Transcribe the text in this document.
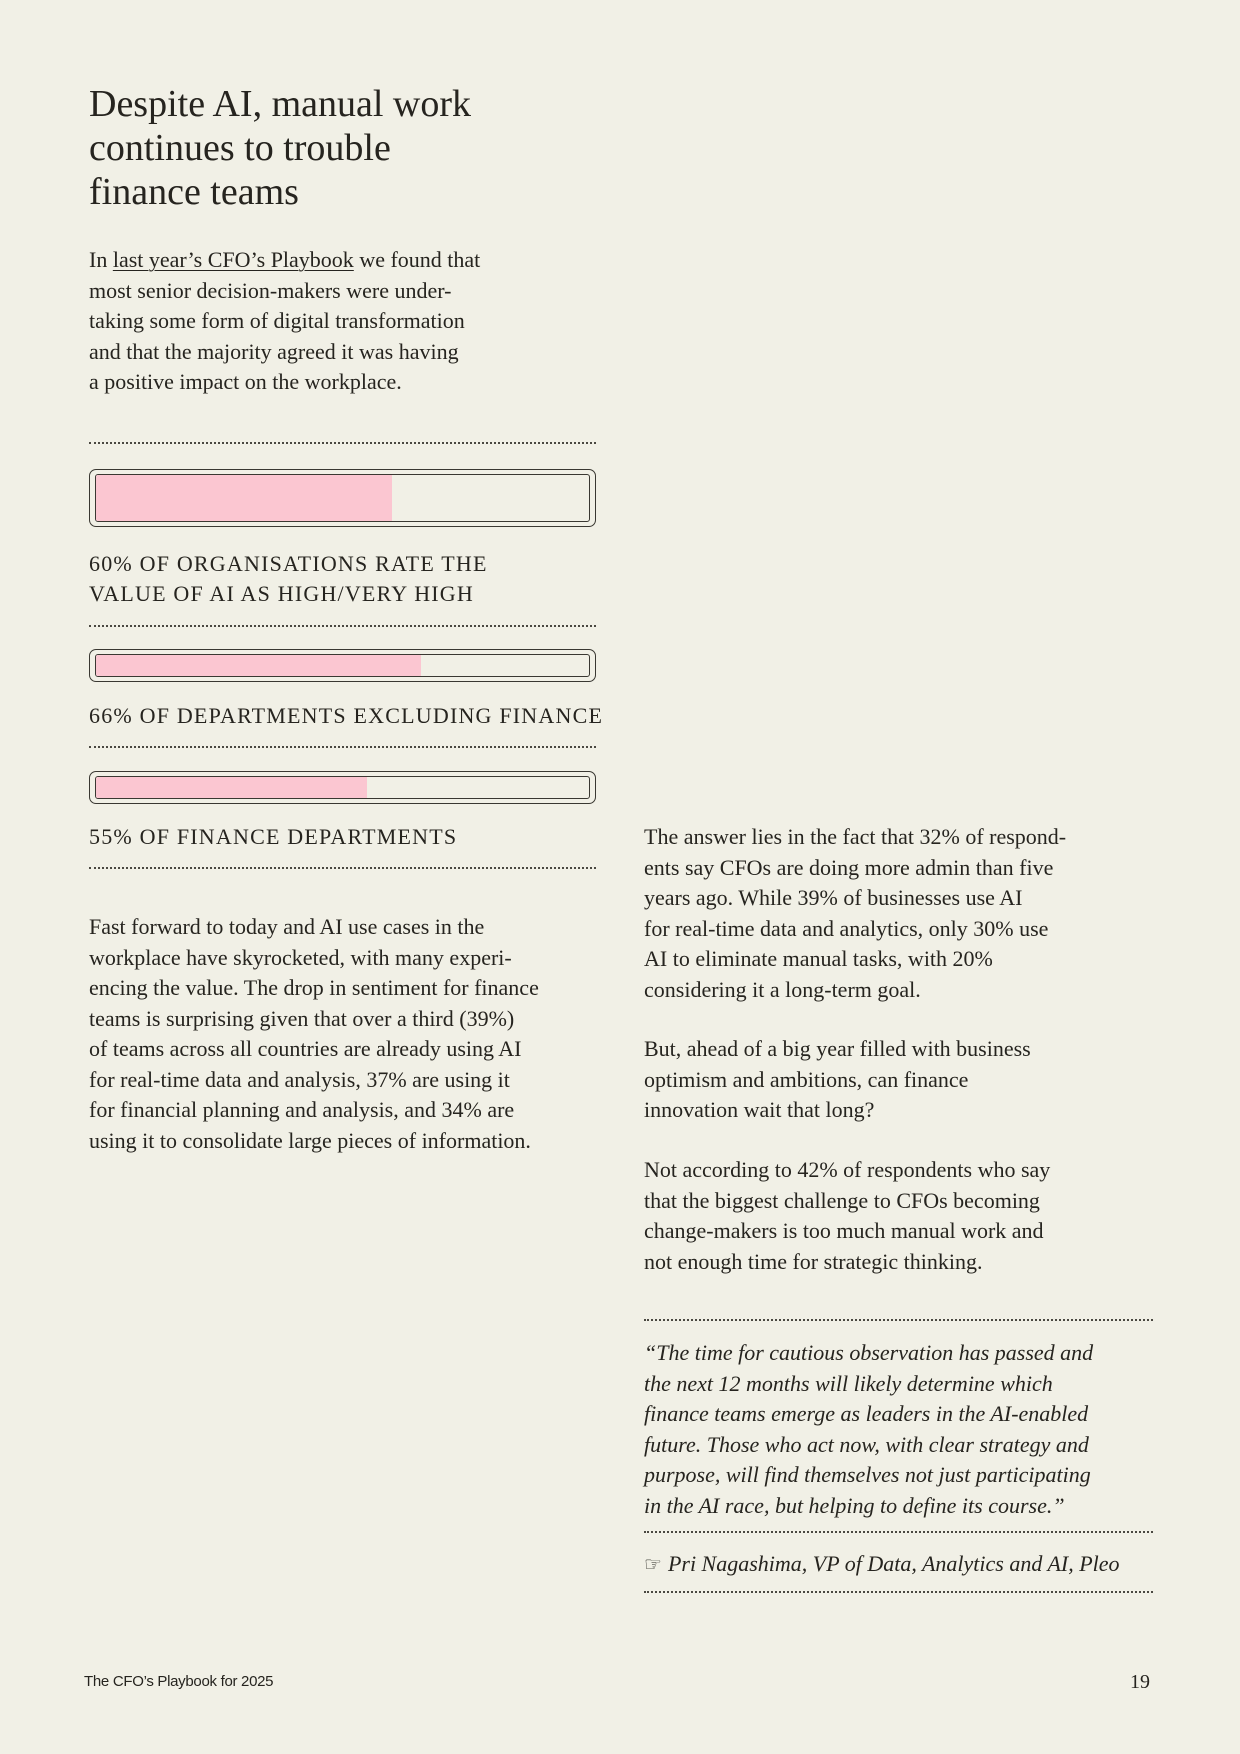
Despite AI, manual work
continues to trouble
finance teams

In last year’s CFO’s Playbook we found that
most senior decision-makers were under-
taking some form of digital transformation
and that the majority agreed it was having
a positive impact on the workplace.

60% OF ORGANISATIONS RATE THE
VALUE OF AI AS HIGH/VERY HIGH

66% OF DEPARTMENTS EXCLUDING FINANCE

55% OF FINANCE DEPARTMENTS

Fast forward to today and AI use cases in the
workplace have skyrocketed, with many experi-
encing the value. The drop in sentiment for finance
teams is surprising given that over a third (39%)
of teams across all countries are already using AI
for real-time data and analysis, 37% are using it
for financial planning and analysis, and 34% are
using it to consolidate large pieces of information.

The answer lies in the fact that 32% of respond-
ents say CFOs are doing more admin than five
years ago. While 39% of businesses use AI
for real-time data and analytics, only 30% use
AI to eliminate manual tasks, with 20%
considering it a long-term goal.

But, ahead of a big year filled with business
optimism and ambitions, can finance
innovation wait that long?

Not according to 42% of respondents who say
that the biggest challenge to CFOs becoming
change-makers is too much manual work and
not enough time for strategic thinking.

“The time for cautious observation has passed and
the next 12 months will likely determine which
finance teams emerge as leaders in the AI-enabled
future. Those who act now, with clear strategy and
purpose, will find themselves not just participating
in the AI race, but helping to define its course.”

☞ Pri Nagashima, VP of Data, Analytics and AI, Pleo

The CFO’s Playbook for 2025	19
